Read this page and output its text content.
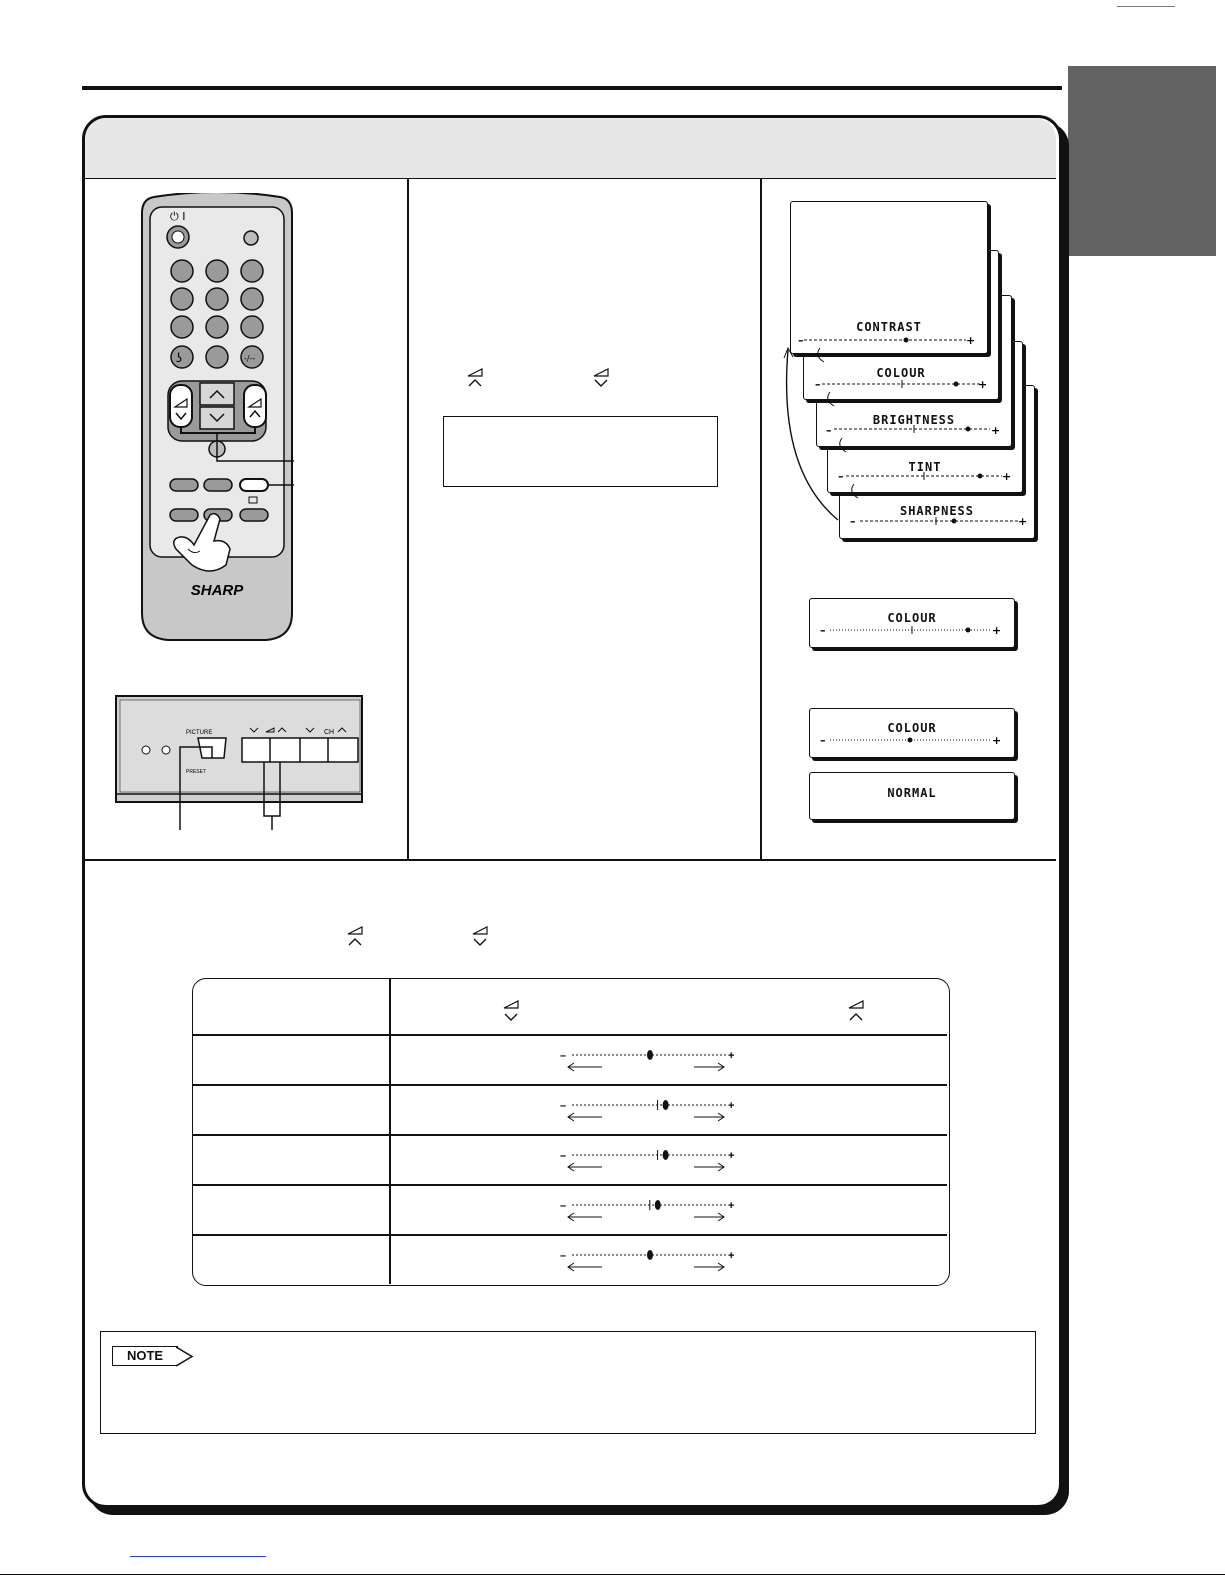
⏻ I
ʖ	-/--
SHARP
PICTURE
PRESET
CH
SHARPNESS
TINT
BRIGHTNESS
COLOUR
CONTRAST
–	+
–	+
–	+
–	+
–	+
COLOUR
–	+
COLOUR
–	+
NORMAL
–	+
–	+
–	+
–	+
–	+
NOTE
